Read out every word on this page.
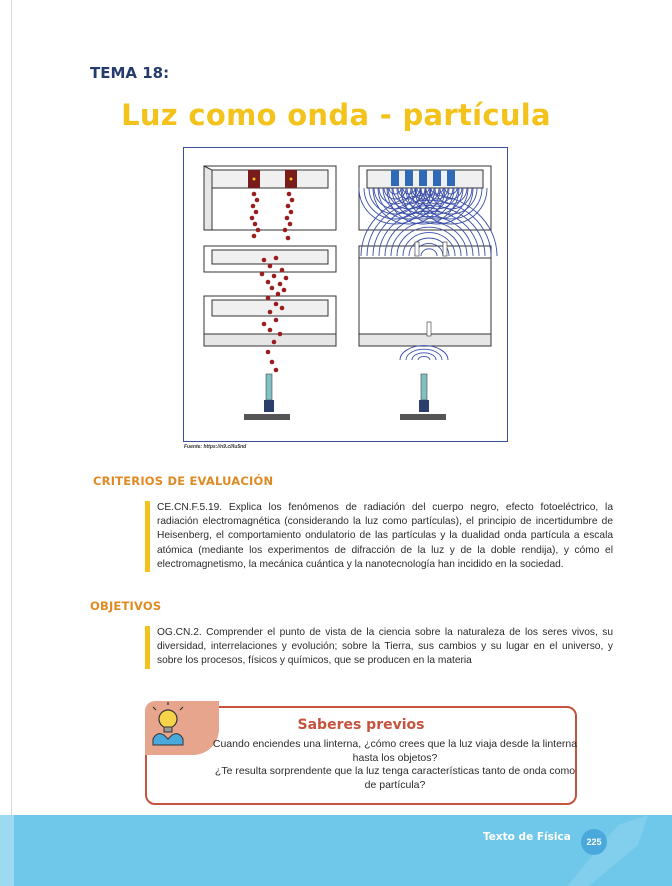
TEMA 18:
Luz como onda - partícula
Fuente: https://n9.cl/lu5nd
CRITERIOS DE EVALUACIÓN
CE.CN.F.5.19. Explica los fenómenos de radiación del cuerpo negro, efecto fotoeléctrico, la radiación electromagnética (considerando la luz como partículas), el principio de incertidumbre de Heisenberg, el comportamiento ondulatorio de las partículas y la dualidad onda partícula a escala atómica (mediante los experimentos de difracción de la luz y de la doble rendija), y cómo el electromagnetismo, la mecánica cuántica y la nanotecnología han incidido en la sociedad.
OBJETIVOS
OG.CN.2. Comprender el punto de vista de la ciencia sobre la naturaleza de los seres vivos, su diversidad, interrelaciones y evolución; sobre la Tierra, sus cambios y su lugar en el universo, y sobre los procesos, físicos y químicos, que se producen en la materia
Saberes previos
Cuando enciendes una linterna, ¿cómo crees que la luz viaja desde la linterna hasta los objetos?
¿Te resulta sorprendente que la luz tenga características tanto de onda como de partícula?
Texto de Física	225
